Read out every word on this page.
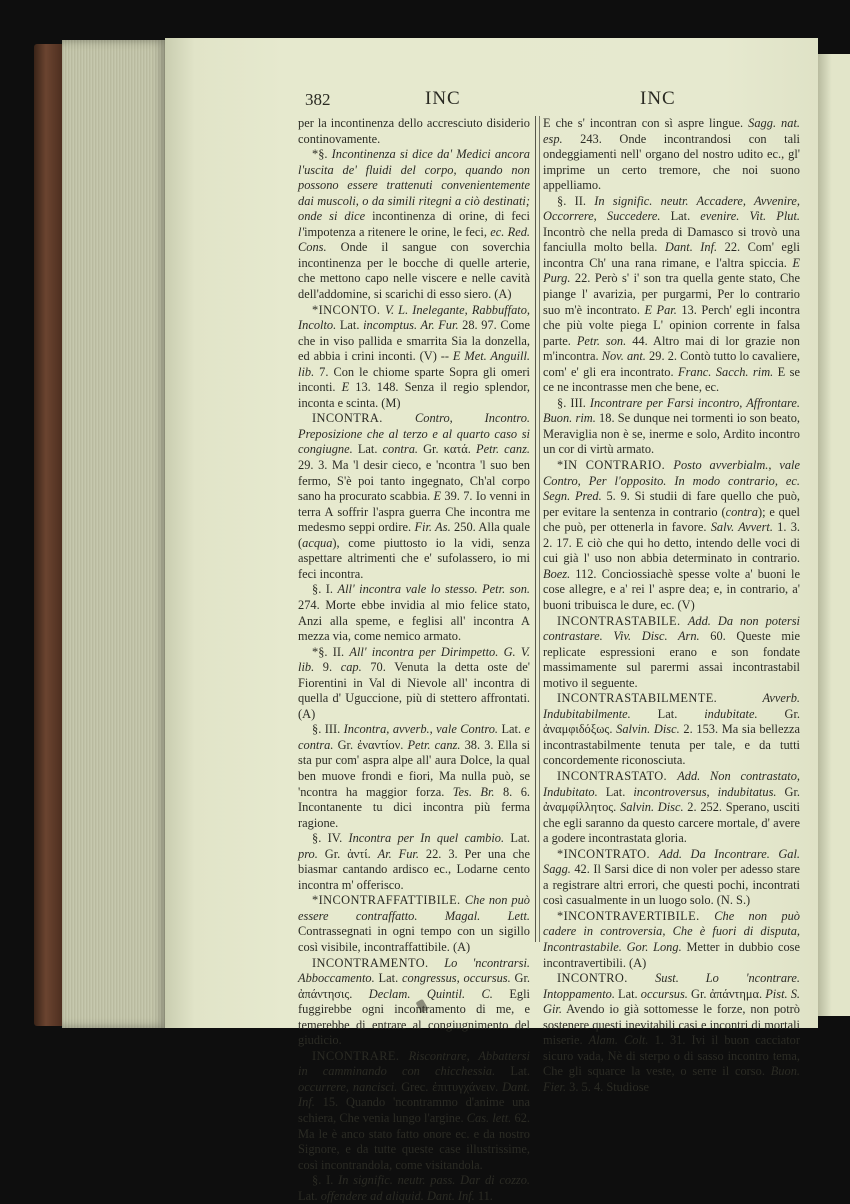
382	INC	INC

per la incontinenza dello accresciuto disiderio continovamente.

*§. Incontinenza si dice da' Medici ancora l'uscita de' fluidi del corpo, quando non possono essere trattenuti convenientemente dai muscoli, o da simili ritegni a ciò destinati; onde si dice incontinenza di orine, di feci l'impotenza a ritenere le orine, le feci, ec. Red. Cons. Onde il sangue con soverchia incontinenza per le bocche di quelle arterie, che mettono capo nelle viscere e nelle cavità dell'addomine, si scarichi di esso siero. (A)

*INCONTO. V. L. Inelegante, Rabbuffato, Incolto. Lat. incomptus. Ar. Fur. 28. 97. Come che in viso pallida e smarrita Sia la donzella, ed abbia i crini inconti. (V) -- E Met. Anguill. lib. 7. Con le chiome sparte Sopra gli omeri inconti. E 13. 148. Senza il regio splendor, inconta e scinta. (M)

INCONTRA. Contro, Incontro. Preposizione che al terzo e al quarto caso si congiugne. Lat. contra. Gr. κατά. Petr. canz. 29. 3. Ma 'l desir cieco, e 'ncontra 'l suo ben fermo, S'è poi tanto ingegnato, Ch'al corpo sano ha procurato scabbia. E 39. 7. Io venni in terra A soffrir l'aspra guerra Che incontra me medesmo seppi ordire. Fir. As. 250. Alla quale (acqua), come piuttosto io la vidi, senza aspettare altrimenti che e' sufolassero, io mi feci incontra.

§. I. All' incontra vale lo stesso. Petr. son. 274. Morte ebbe invidia al mio felice stato, Anzi alla speme, e feglisi all' incontra A mezza via, come nemico armato.

*§. II. All' incontra per Dirimpetto. G. V. lib. 9. cap. 70. Venuta la detta oste de' Fiorentini in Val di Nievole all' incontra di quella d' Uguccione, più di stettero affrontati. (A)

§. III. Incontra, avverb., vale Contro. Lat. e contra. Gr. ἐναντίον. Petr. canz. 38. 3. Ella si sta pur com' aspra alpe all' aura Dolce, la qual ben muove frondi e fiori, Ma nulla può, se 'ncontra ha maggior forza. Tes. Br. 8. 6. Incontanente tu dici incontra più ferma ragione.

§. IV. Incontra per In quel cambio. Lat. pro. Gr. ἀντί. Ar. Fur. 22. 3. Per una che biasmar cantando ardisco ec., Lodarne cento incontra m' offerisco.

*INCONTRAFFATTIBILE. Che non può essere contraffatto. Magal. Lett. Contrassegnati in ogni tempo con un sigillo così visibile, incontraffattibile. (A)

INCONTRAMENTO. Lo 'ncontrarsi. Abboccamento. Lat. congressus, occursus. Gr. ἀπάντησις. Declam. Quintil. C. Egli fuggirebbe ogni incontramento di me, e temerebbe di entrare al congiugnimento del giudicio.

INCONTRARE. Riscontrare, Abbattersi in camminando con chicchessia. Lat. occurrere, nancisci. Grec. ἐπιτυγχάνειν. Dant. Inf. 15. Quando 'ncontrammo d'anime una schiera, Che venia lungo l'argine. Cas. lett. 62. Ma le è anco stato fatto onore ec. e da nostro Signore, e da tutte queste case illustrissime, così incontrandola, come visitandola.

§. I. In signific. neutr. pass. Dar di cozzo. Lat. offendere ad aliquid. Dant. Inf. 11.

E che s' incontran con sì aspre lingue. Sagg. nat. esp. 243. Onde incontrandosi con tali ondeggiamenti nell' organo del nostro udito ec., gl' imprime un certo tremore, che noi suono appelliamo.

§. II. In signific. neutr. Accadere, Avvenire, Occorrere, Succedere. Lat. evenire. Vit. Plut. Incontrò che nella preda di Damasco si trovò una fanciulla molto bella. Dant. Inf. 22. Com' egli incontra Ch' una rana rimane, e l'altra spiccia. E Purg. 22. Però s' i' son tra quella gente stato, Che piange l' avarizia, per purgarmi, Per lo contrario suo m'è incontrato. E Par. 13. Perch' egli incontra che più volte piega L' opinion corrente in falsa parte. Petr. son. 44. Altro mai di lor grazie non m'incontra. Nov. ant. 29. 2. Contò tutto lo cavaliere, com' e' gli era incontrato. Franc. Sacch. rim. E se ce ne incontrasse men che bene, ec.

§. III. Incontrare per Farsi incontro, Affrontare. Buon. rim. 18. Se dunque nei tormenti io son beato, Meraviglia non è se, inerme e solo, Ardito incontro un cor di virtù armato.

*IN CONTRARIO. Posto avverbialm., vale Contro, Per l'opposito. In modo contrario, ec. Segn. Pred. 5. 9. Si studii di fare quello che può, per evitare la sentenza in contrario (contra); e quel che può, per ottenerla in favore. Salv. Avvert. 1. 3. 2. 17. E ciò che qui ho detto, intendo delle voci di cui già l' uso non abbia determinato in contrario. Boez. 112. Conciossiachè spesse volte a' buoni le cose allegre, e a' rei l' aspre dea; e, in contrario, a' buoni tribuisca le dure, ec. (V)

INCONTRASTABILE. Add. Da non potersi contrastare. Viv. Disc. Arn. 60. Queste mie replicate espressioni erano e son fondate massimamente sul parermi assai incontrastabil motivo il seguente.

INCONTRASTABILMENTE. Avverb. Indubitabilmente. Lat. indubitate. Gr. ἀναμφιδόξως. Salvin. Disc. 2. 153. Ma sia bellezza incontrastabilmente tenuta per tale, e da tutti concordemente riconosciuta.

INCONTRASTATO. Add. Non contrastato, Indubitato. Lat. incontroversus, indubitatus. Gr. ἀναμφίλλητος. Salvin. Disc. 2. 252. Sperano, usciti che egli saranno da questo carcere mortale, d' avere a godere incontrastata gloria.

*INCONTRATO. Add. Da Incontrare. Gal. Sagg. 42. Il Sarsi dice di non voler per adesso stare a registrare altri errori, che questi pochi, incontrati così casualmente in un luogo solo. (N. S.)

*INCONTRAVERTIBILE. Che non può cadere in controversia, Che è fuori di disputa, Incontrastabile. Gor. Long. Metter in dubbio cose incontravertibili. (A)

INCONTRO. Sust. Lo 'ncontrare. Intoppamento. Lat. occursus. Gr. ἀπάντημα. Pist. S. Gir. Avendo io già sottomesse le forze, non potrò sostenere questi inevitabili casi e incontri di mortali miserie. Alam. Colt. 1. 31. Ivi il buon cacciator sicuro vada, Nè di sterpo o di sasso incontro tema, Che gli squarce la veste, o serre il corso. Buon. Fier. 3. 5. 4. Studiose
